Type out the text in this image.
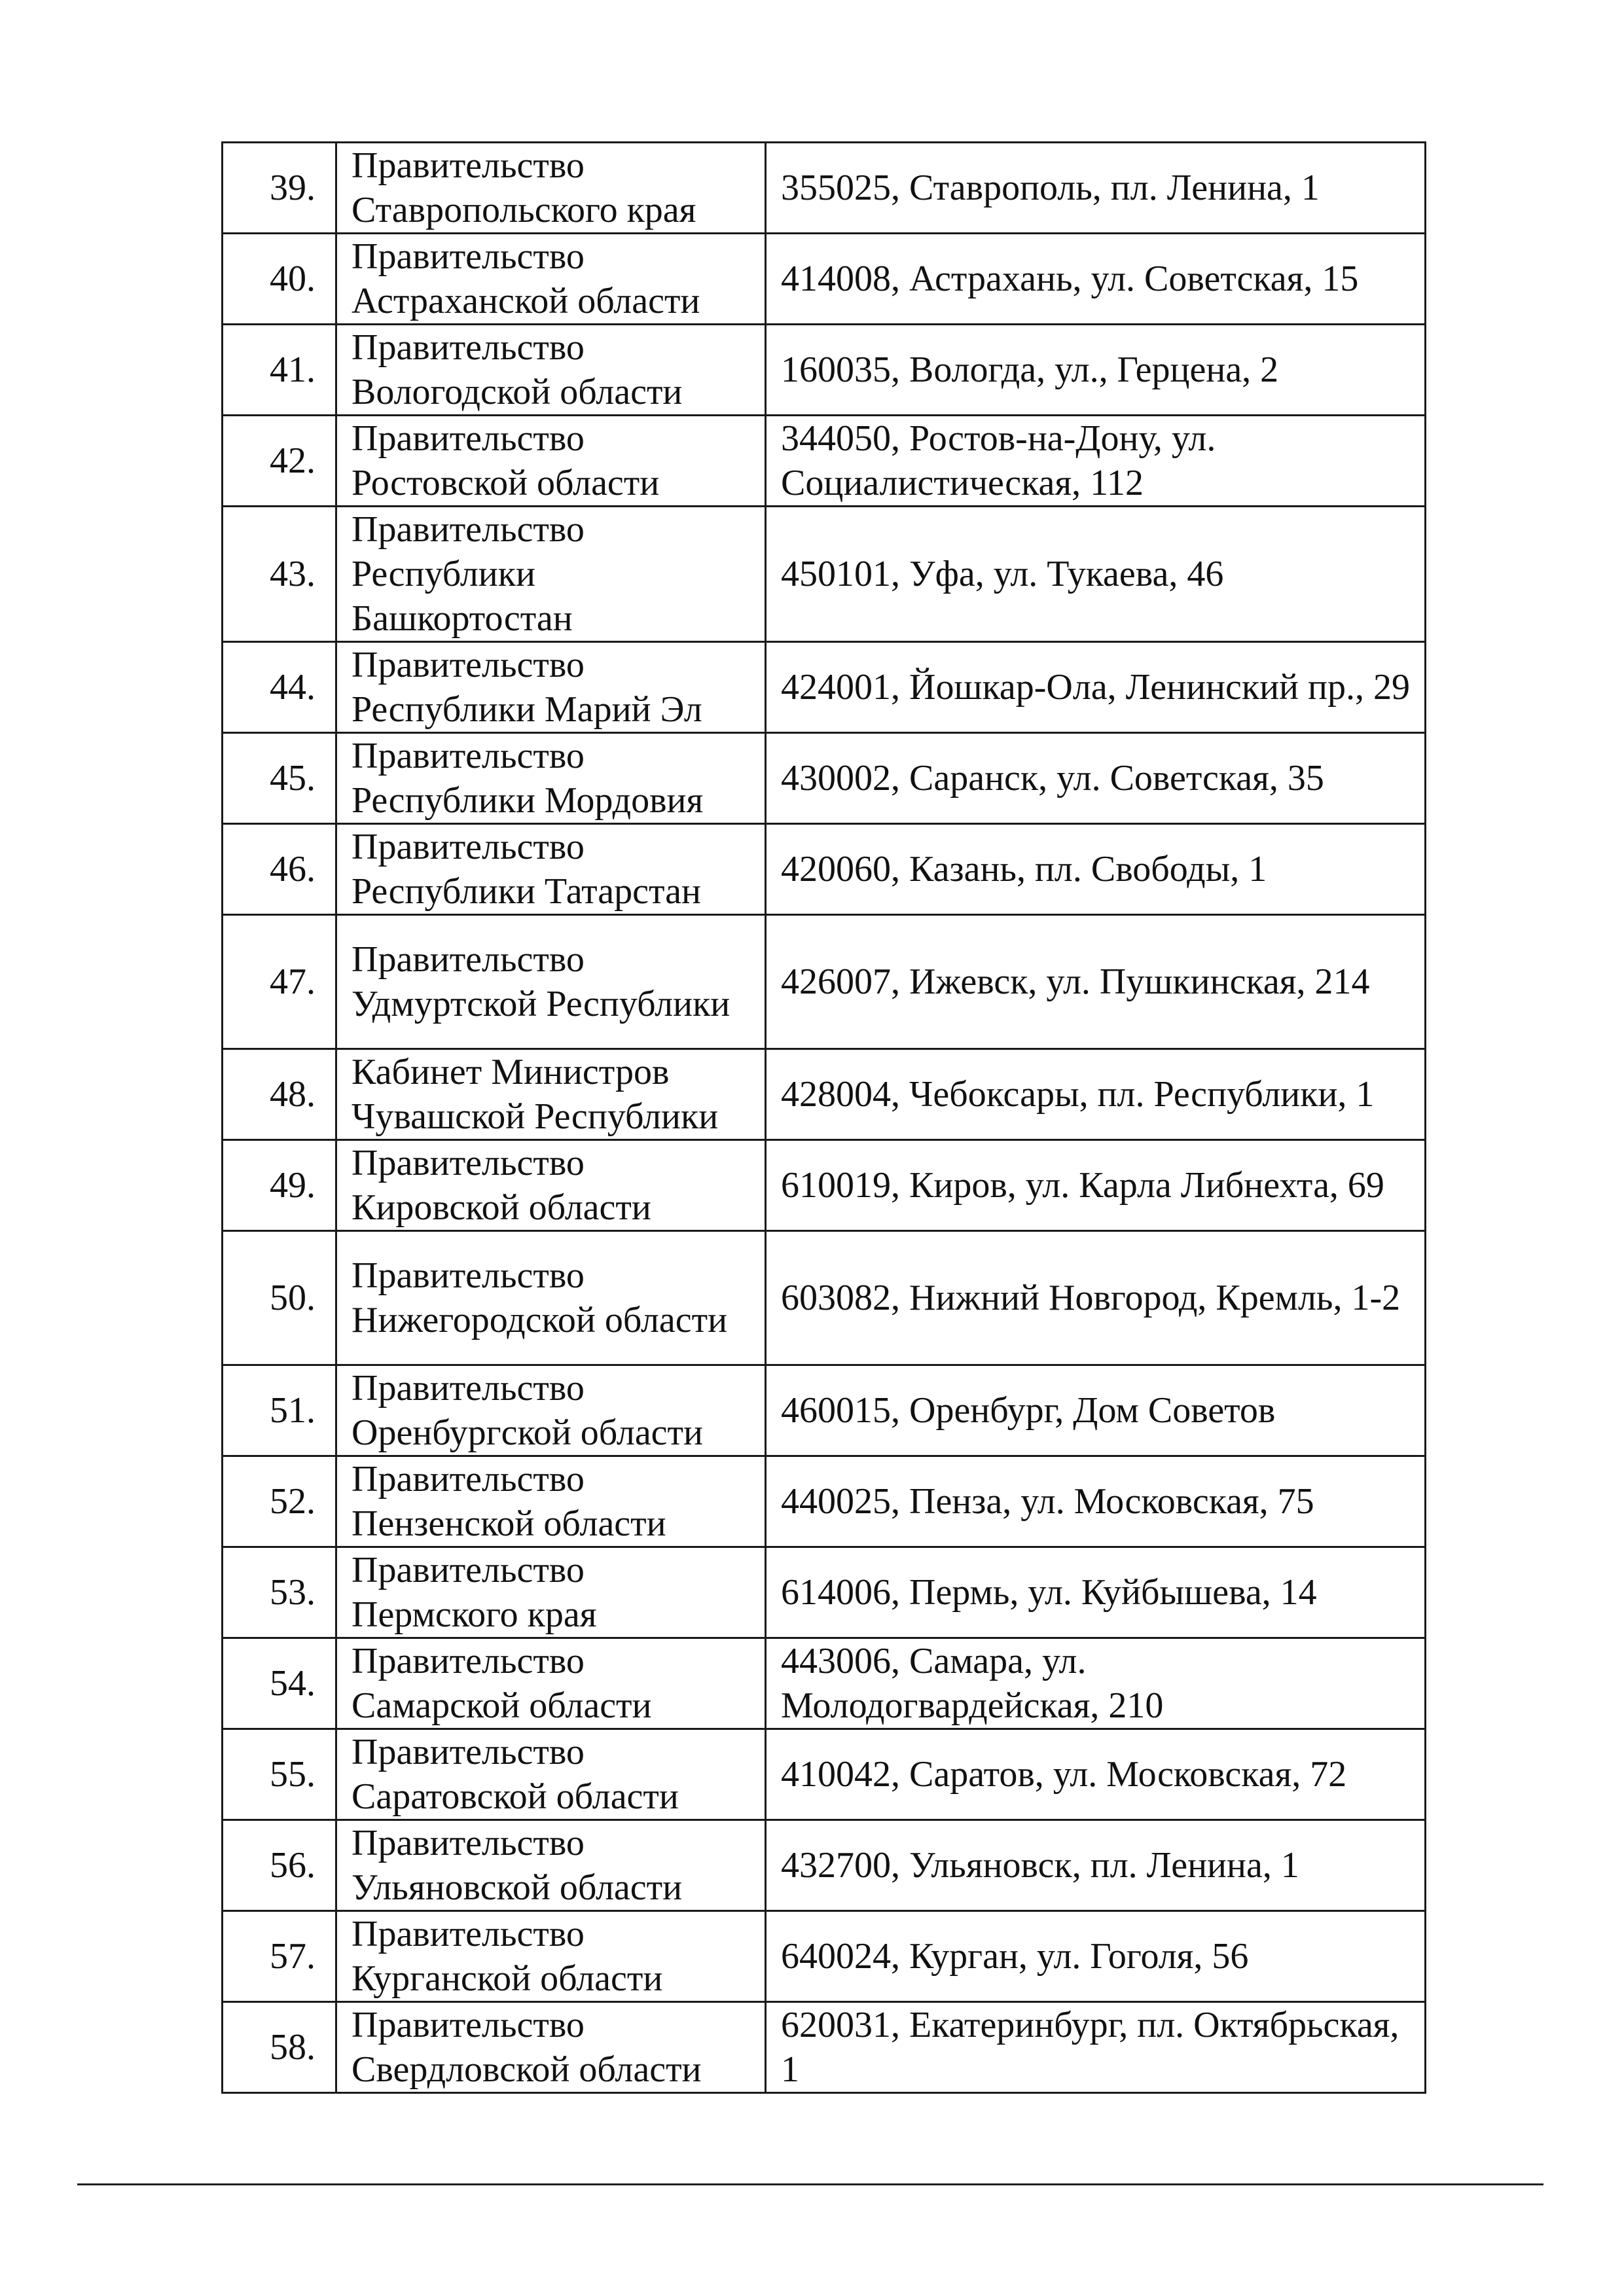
39.	Правительство Ставропольского края	355025, Ставрополь, пл. Ленина, 1
40.	Правительство Астраханской области	414008, Астрахань, ул. Советская, 15
41.	Правительство Вологодской области	160035, Вологда, ул., Герцена, 2
42.	Правительство Ростовской области	344050, Ростов-на-Дону, ул. Социалистическая, 112
43.	Правительство Республики Башкортостан	450101, Уфа, ул. Тукаева, 46
44.	Правительство Республики Марий Эл	424001, Йошкар-Ола, Ленинский пр., 29
45.	Правительство Республики Мордовия	430002, Саранск, ул. Советская, 35
46.	Правительство Республики Татарстан	420060, Казань, пл. Свободы, 1
47.	Правительство Удмуртской Республики	426007, Ижевск, ул. Пушкинская, 214
48.	Кабинет Министров Чувашской Республики	428004, Чебоксары, пл. Республики, 1
49.	Правительство Кировской области	610019, Киров, ул. Карла Либнехта, 69
50.	Правительство Нижегородской области	603082, Нижний Новгород, Кремль, 1-2
51.	Правительство Оренбургской области	460015, Оренбург, Дом Советов
52.	Правительство Пензенской области	440025, Пенза, ул. Московская, 75
53.	Правительство Пермского края	614006, Пермь, ул. Куйбышева, 14
54.	Правительство Самарской области	443006, Самара, ул. Молодогвардейская, 210
55.	Правительство Саратовской области	410042, Саратов, ул. Московская, 72
56.	Правительство Ульяновской области	432700, Ульяновск, пл. Ленина, 1
57.	Правительство Курганской области	640024, Курган, ул. Гоголя, 56
58.	Правительство Свердловской области	620031, Екатеринбург, пл. Октябрьская, 1
